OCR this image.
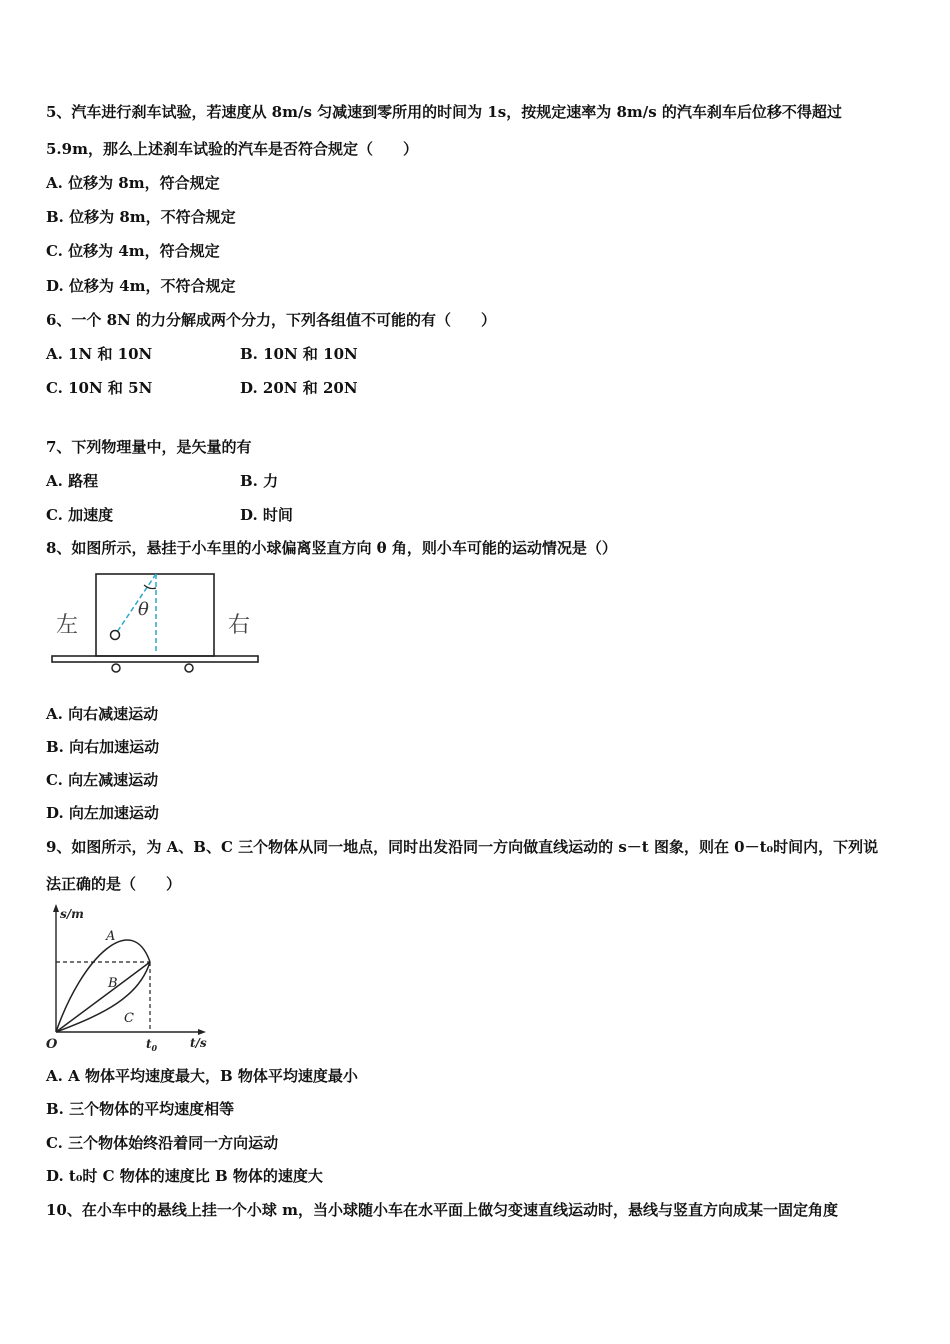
5、汽车进行刹车试验，若速度从 8m/s 匀减速到零所用的时间为 1s，按规定速率为 8m/s 的汽车刹车后位移不得超过
5.9m，那么上述刹车试验的汽车是否符合规定（　　）
A. 位移为 8m，符合规定
B. 位移为 8m，不符合规定
C. 位移为 4m，符合规定
D. 位移为 4m，不符合规定
6、一个 8N 的力分解成两个分力，下列各组值不可能的有（　　）
A. 1N 和 10N	B. 10N 和 10N
C. 10N 和 5N	D. 20N 和 20N
7、下列物理量中，是矢量的有
A. 路程	B. 力
C. 加速度	D. 时间
8、如图所示，悬挂于小车里的小球偏离竖直方向 θ 角，则小车可能的运动情况是（）
θ
左	右
A. 向右减速运动
B. 向右加速运动
C. 向左减速运动
D. 向左加速运动
9、如图所示，为 A、B、C 三个物体从同一地点，同时出发沿同一方向做直线运动的 s－t 图象，则在 0－t₀时间内，下列说
法正确的是（　　）
s/m
t/s
O	$t_0$
A
B
C
A. A 物体平均速度最大，B 物体平均速度最小
B. 三个物体的平均速度相等
C. 三个物体始终沿着同一方向运动
D. t₀时 C 物体的速度比 B 物体的速度大
10、在小车中的悬线上挂一个小球 m，当小球随小车在水平面上做匀变速直线运动时，悬线与竖直方向成某一固定角度
